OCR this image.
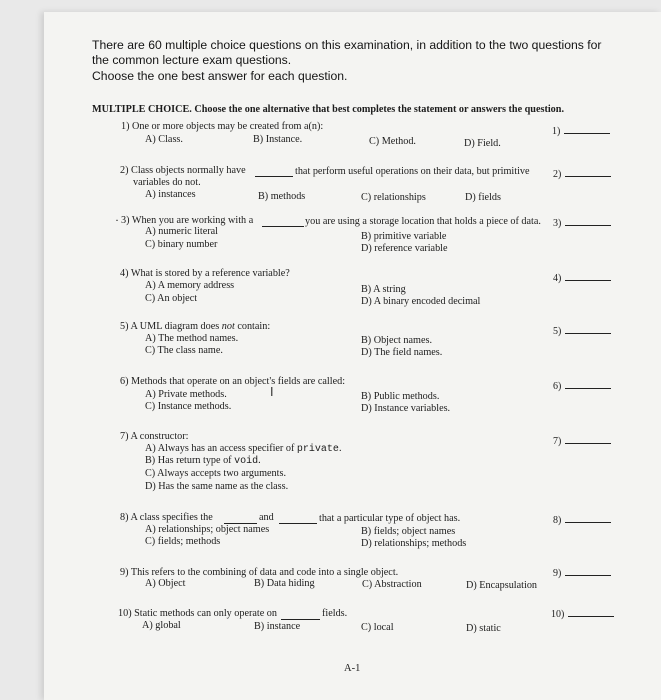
There are 60 multiple choice questions on this examination, in addition to the two questions for
the common lecture exam questions.
Choose the one best answer for each question.
MULTIPLE CHOICE. Choose the one alternative that best completes the statement or answers the question.
1) One or more objects may be created from a(n):
A) Class.	B) Instance.	C) Method.	D) Field.
1)
2) Class objects normally have	that perform useful operations on their data, but primitive
variables do not.
A) instances	B) methods	C) relationships	D) fields
2)
· 3) When you are working with a	you are using a storage location that holds a piece of data.
A) numeric literal	B) primitive variable
C) binary number	D) reference variable
3)
4) What is stored by a reference variable?
A) A memory address	B) A string
C) An object	D) A binary encoded decimal
4)
5) A UML diagram does not contain:
A) The method names.	B) Object names.
C) The class name.	D) The field names.
5)
6) Methods that operate on an object's fields are called:
I
A) Private methods.	B) Public methods.
C) Instance methods.	D) Instance variables.
6)
7) A constructor:
A) Always has an access specifier of private.
B) Has return type of void.
C) Always accepts two arguments.
D) Has the same name as the class.
7)
8) A class specifies the	and	that a particular type of object has.
A) relationships; object names	B) fields; object names
C) fields; methods	D) relationships; methods
8)
9) This refers to the combining of data and code into a single object.
A) Object	B) Data hiding	C) Abstraction	D) Encapsulation
9)
10) Static methods can only operate on	fields.
A) global	B) instance	C) local	D) static
10)
A-1
